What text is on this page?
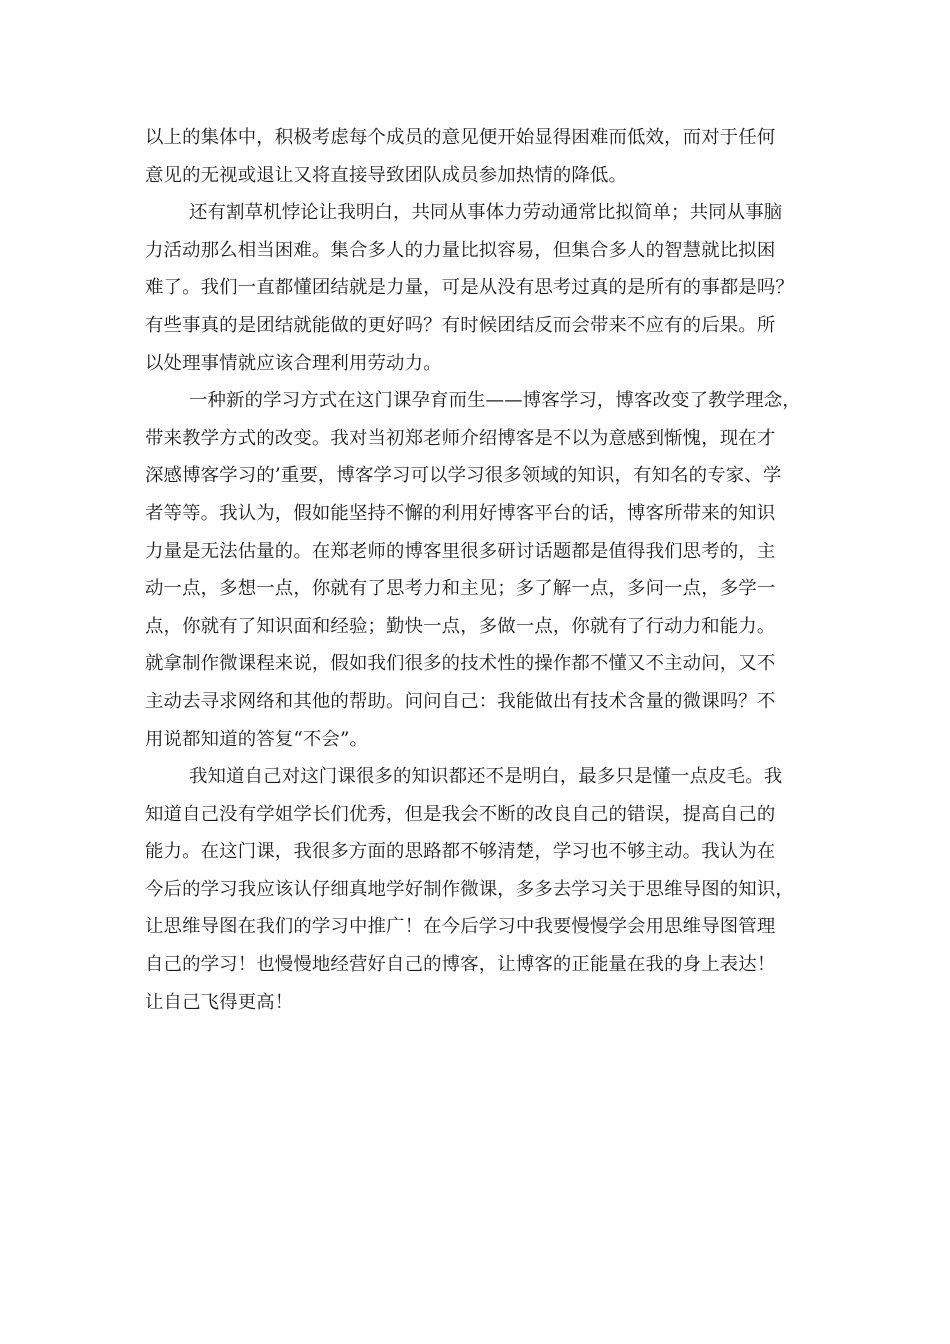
以上的集体中，积极考虑每个成员的意见便开始显得困难而低效，而对于任何
意见的无视或退让又将直接导致团队成员参加热情的降低。
还有割草机悖论让我明白，共同从事体力劳动通常比拟简单；共同从事脑
力活动那么相当困难。集合多人的力量比拟容易，但集合多人的智慧就比拟困
难了。我们一直都懂团结就是力量，可是从没有思考过真的是所有的事都是吗？
有些事真的是团结就能做的更好吗？有时候团结反而会带来不应有的后果。所
以处理事情就应该合理利用劳动力。
一种新的学习方式在这门课孕育而生——博客学习，博客改变了教学理念，
带来教学方式的改变。我对当初郑老师介绍博客是不以为意感到惭愧，现在才
深感博客学习的’重要，博客学习可以学习很多领域的知识，有知名的专家、学
者等等。我认为，假如能坚持不懈的利用好博客平台的话，博客所带来的知识
力量是无法估量的。在郑老师的博客里很多研讨话题都是值得我们思考的，主
动一点，多想一点，你就有了思考力和主见；多了解一点，多问一点，多学一
点，你就有了知识面和经验；勤快一点，多做一点，你就有了行动力和能力。
就拿制作微课程来说，假如我们很多的技术性的操作都不懂又不主动问，又不
主动去寻求网络和其他的帮助。问问自己：我能做出有技术含量的微课吗？不
用说都知道的答复“不会”。
我知道自己对这门课很多的知识都还不是明白，最多只是懂一点皮毛。我
知道自己没有学姐学长们优秀，但是我会不断的改良自己的错误，提高自己的
能力。在这门课，我很多方面的思路都不够清楚，学习也不够主动。我认为在
今后的学习我应该认仔细真地学好制作微课，多多去学习关于思维导图的知识，
让思维导图在我们的学习中推广！在今后学习中我要慢慢学会用思维导图管理
自己的学习！也慢慢地经营好自己的博客，让博客的正能量在我的身上表达！
让自己飞得更高！
